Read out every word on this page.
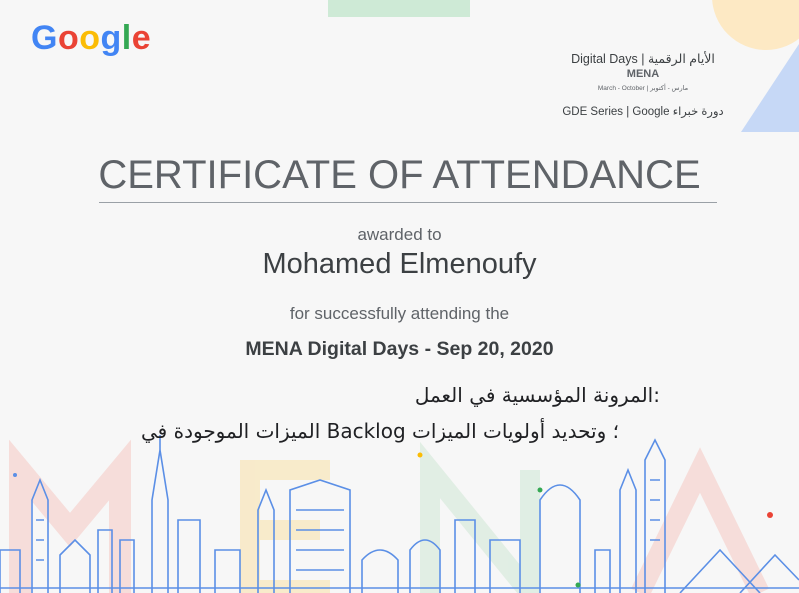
Google
Digital Days | الأيام الرقمية
MENA
March - October | مارس - أكتوبر
GDE Series | Google دورة خبراء
CERTIFICATE OF ATTENDANCE
awarded to
Mohamed Elmenoufy
for successfully attending the
MENA Digital Days - Sep 20, 2020
المرونة المؤسسية في العمل:
الميزات الموجودة في Backlog ؛ وتحديد أولويات الميزات
